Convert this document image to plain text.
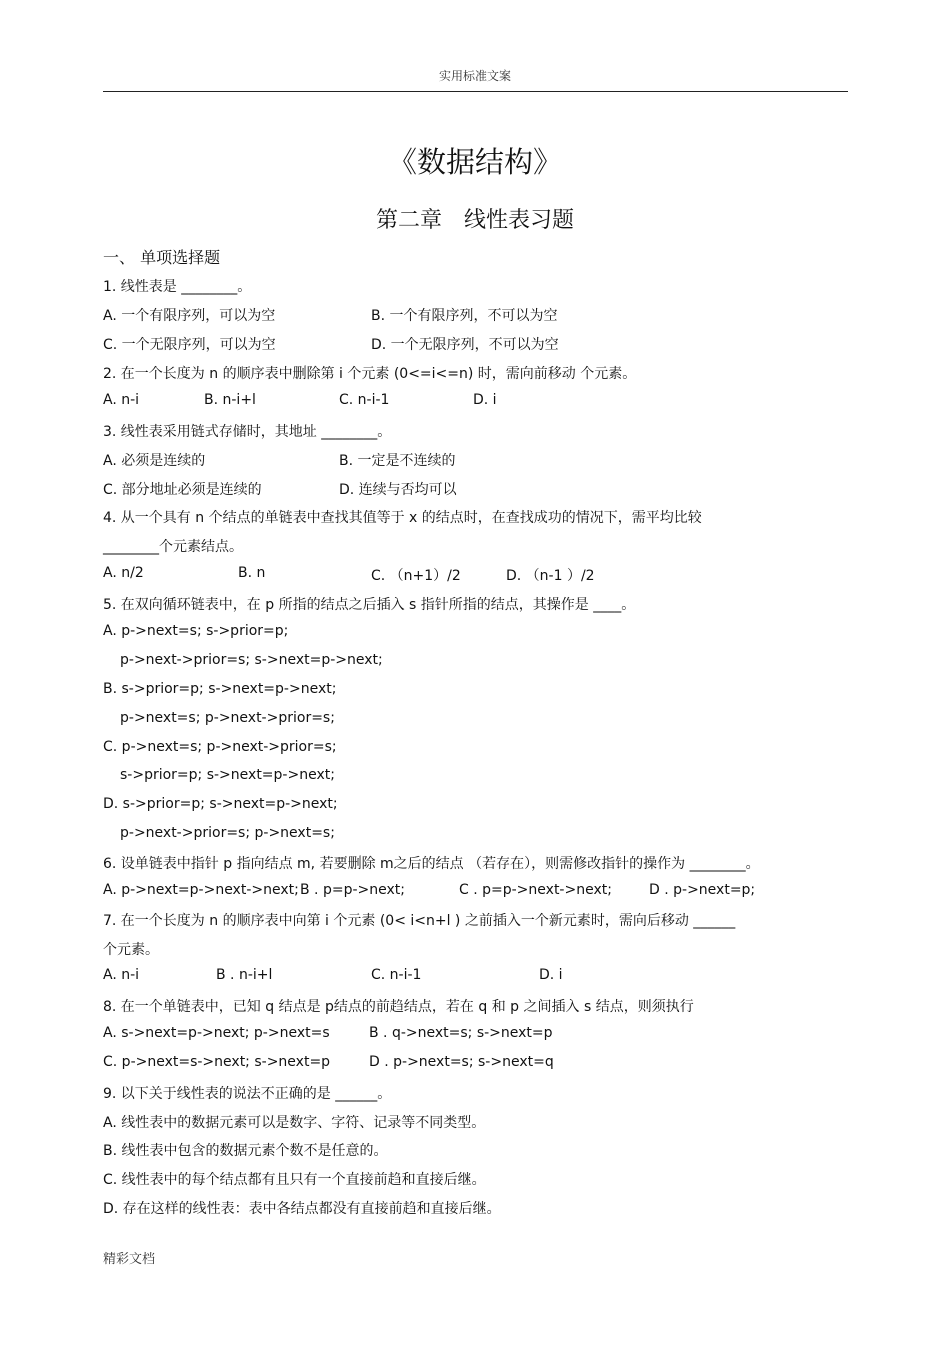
实用标准文案
《数据结构》
第二章　线性表习题
一、 单项选择题
1. 线性表是 ________。
A. 一个有限序列，可以为空	B. 一个有限序列，不可以为空
C. 一个无限序列，可以为空	D. 一个无限序列，不可以为空
2. 在一个长度为 n 的顺序表中删除第 i 个元素 (0<=i<=n) 时，需向前移动 个元素。
A. n-i	B. n-i+l	C. n-i-1	D. i
3. 线性表采用链式存储时，其地址 ________。
A. 必须是连续的	B. 一定是不连续的
C. 部分地址必须是连续的	D. 连续与否均可以
4. 从一个具有 n 个结点的单链表中查找其值等于 x 的结点时，在查找成功的情况下，需平均比较
________个元素结点。
A. n/2	B. n	C. （n+1）/2	D. （n-1 ）/2
5. 在双向循环链表中，在 p 所指的结点之后插入 s 指针所指的结点，其操作是 ____。
A. p->next=s; s->prior=p;
p->next->prior=s; s->next=p->next;
B. s->prior=p; s->next=p->next;
p->next=s; p->next->prior=s;
C. p->next=s; p->next->prior=s;
s->prior=p; s->next=p->next;
D. s->prior=p; s->next=p->next;
p->next->prior=s; p->next=s;
6. 设单链表中指针 p 指向结点 m, 若要删除 m之后的结点 （若存在），则需修改指针的操作为 ________。
A. p->next=p->next->next; B . p=p->next;	C . p=p->next->next;	D . p->next=p;
7. 在一个长度为 n 的顺序表中向第 i 个元素 (0< i<n+l ) 之前插入一个新元素时，需向后移动 ______
个元素。
A. n-i	B . n-i+l	C. n-i-1	D. i
8. 在一个单链表中，已知 q 结点是 p结点的前趋结点，若在 q 和 p 之间插入 s 结点，则须执行
A. s->next=p->next; p->next=s	B . q->next=s; s->next=p
C. p->next=s->next; s->next=p	D . p->next=s; s->next=q
9. 以下关于线性表的说法不正确的是 ______。
A. 线性表中的数据元素可以是数字、字符、记录等不同类型。
B. 线性表中包含的数据元素个数不是任意的。
C. 线性表中的每个结点都有且只有一个直接前趋和直接后继。
D. 存在这样的线性表：表中各结点都没有直接前趋和直接后继。
精彩文档
